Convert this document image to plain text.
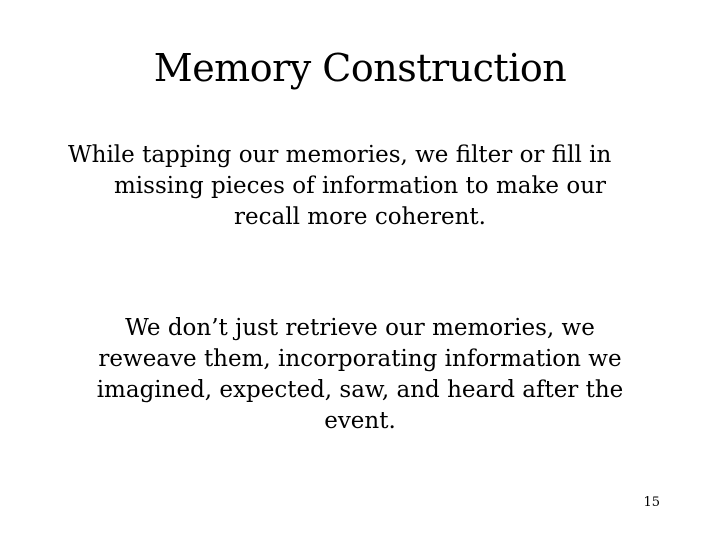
Memory Construction
While tapping our memories, we filter or fill in
missing pieces of information to make our
recall more coherent.
We don’t just retrieve our memories, we
reweave them, incorporating information we
imagined, expected, saw, and heard after the
event.
15
